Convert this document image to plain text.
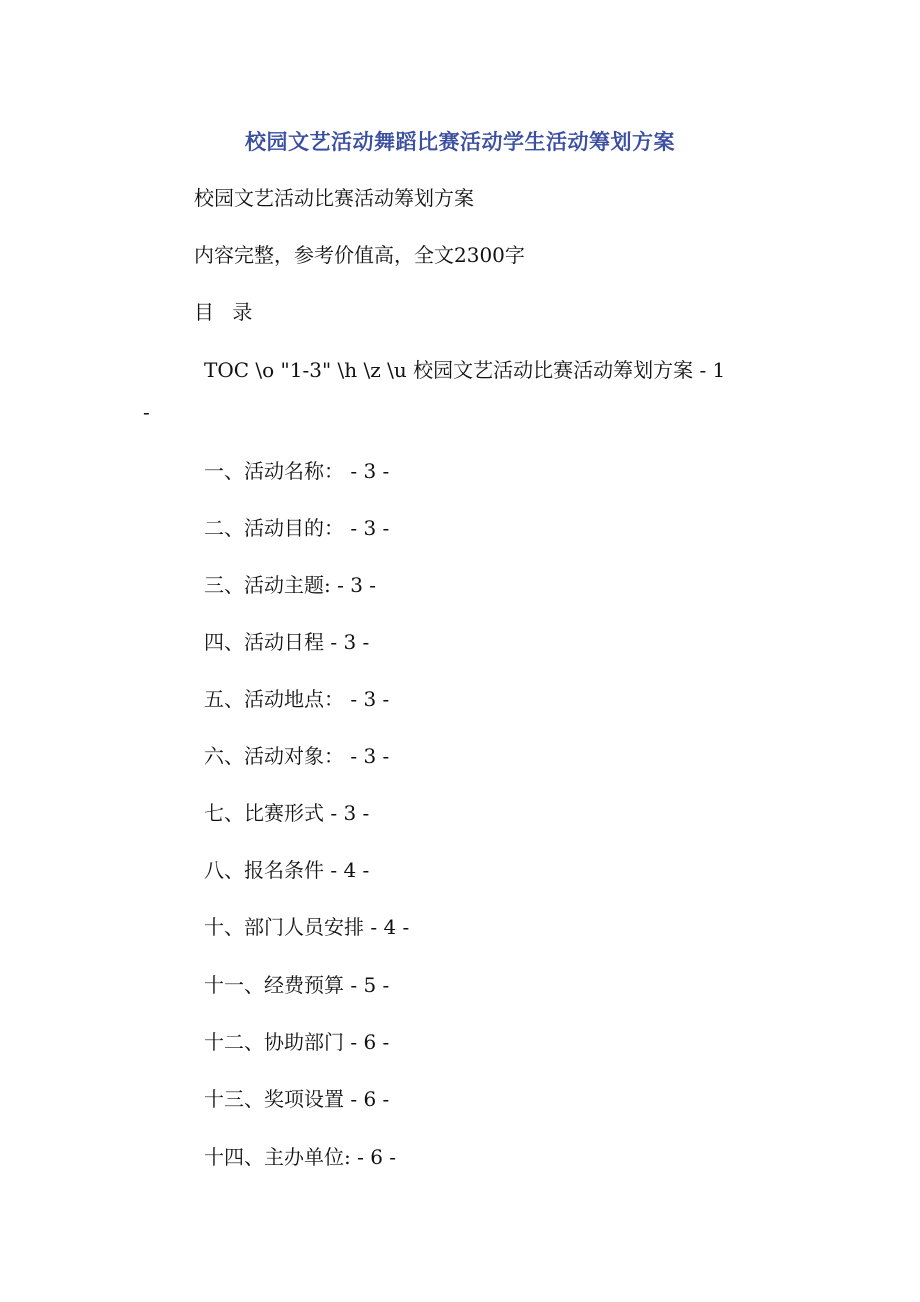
校园文艺活动舞蹈比赛活动学生活动筹划方案
校园文艺活动比赛活动筹划方案
内容完整，参考价值高，全文2300字
目 录
TOC \o "1-3" \h \z \u 校园文艺活动比赛活动筹划方案 - 1
-
一、活动名称： - 3 -
二、活动目的： - 3 -
三、活动主题: - 3 -
四、活动日程 - 3 -
五、活动地点： - 3 -
六、活动对象： - 3 -
七、比赛形式 - 3 -
八、报名条件 - 4 -
十、部门人员安排 - 4 -
十一、经费预算 - 5 -
十二、协助部门 - 6 -
十三、奖项设置 - 6 -
十四、主办单位: - 6 -
